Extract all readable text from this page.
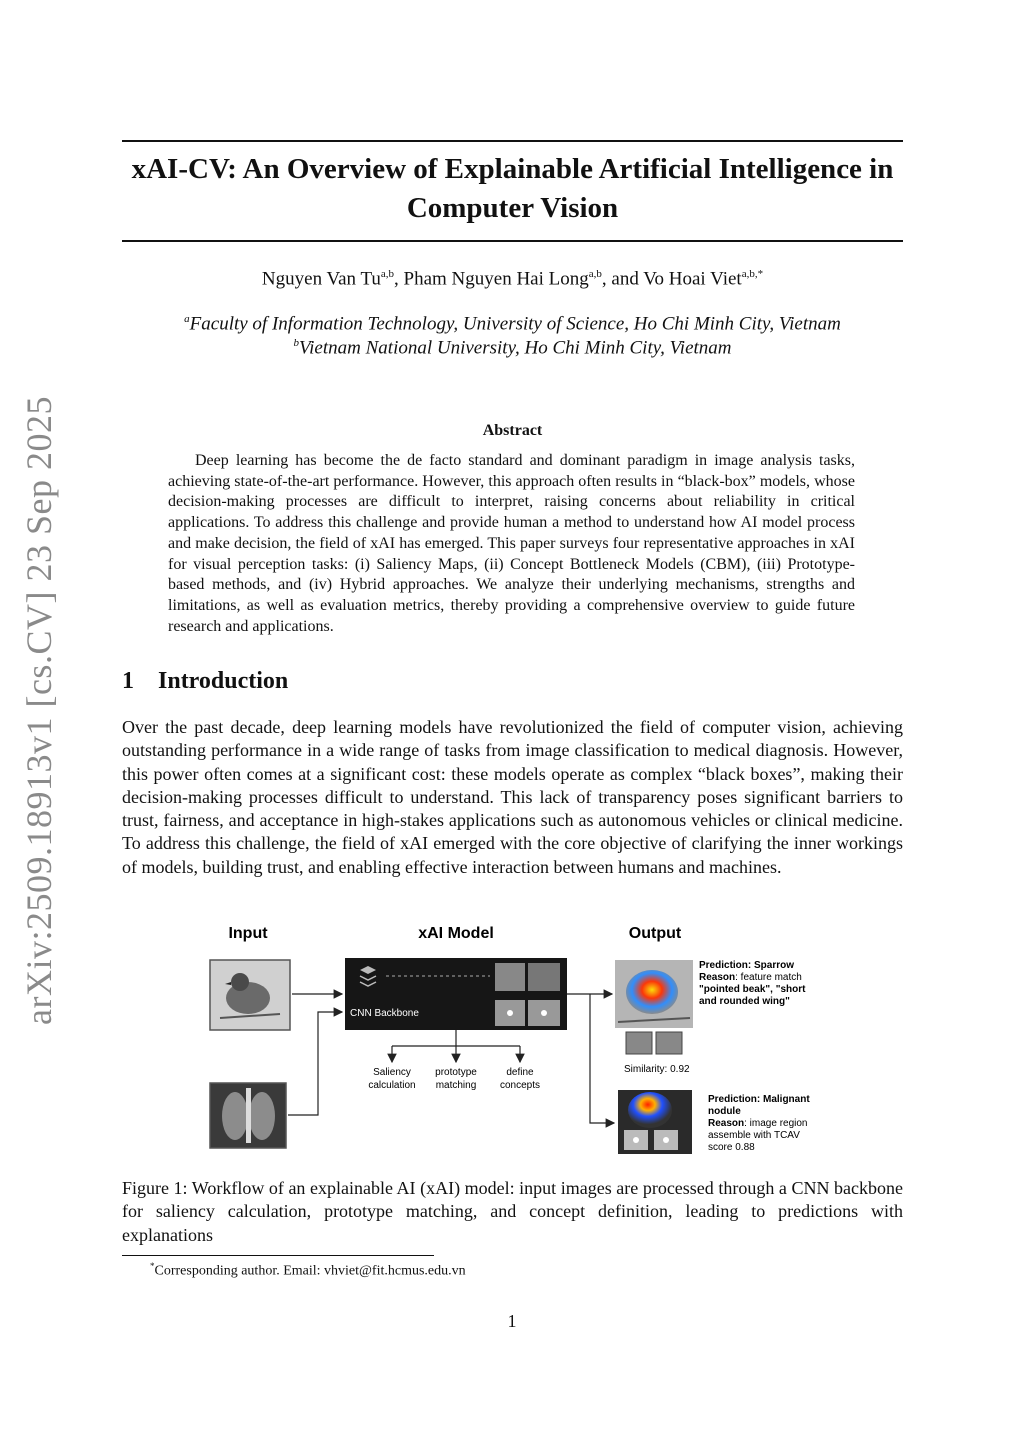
arXiv:2509.18913v1 [cs.CV] 23 Sep 2025
xAI-CV: An Overview of Explainable Artificial Intelligence in Computer Vision
Nguyen Van Tu$^{a,b}$, Pham Nguyen Hai Long$^{a,b}$, and Vo Hoai Viet$^{a,b,*}$
$^a$Faculty of Information Technology, University of Science, Ho Chi Minh City, Vietnam
$^b$Vietnam National University, Ho Chi Minh City, Vietnam
Abstract
Deep learning has become the de facto standard and dominant paradigm in image analysis tasks, achieving state-of-the-art performance. However, this approach often results in “black-box” models, whose decision-making processes are difficult to interpret, raising concerns about reliability in critical applications. To address this challenge and provide human a method to understand how AI model process and make decision, the field of xAI has emerged. This paper surveys four representative approaches in xAI for visual perception tasks: (i) Saliency Maps, (ii) Concept Bottleneck Models (CBM), (iii) Prototype-based methods, and (iv) Hybrid approaches. We analyze their underlying mechanisms, strengths and limitations, as well as evaluation metrics, thereby providing a comprehensive overview to guide future research and applications.
1 Introduction
Over the past decade, deep learning models have revolutionized the field of computer vision, achieving outstanding performance in a wide range of tasks from image classification to medical diagnosis. However, this power often comes at a significant cost: these models operate as complex “black boxes”, making their decision-making processes difficult to understand. This lack of transparency poses significant barriers to trust, fairness, and acceptance in high-stakes applications such as autonomous vehicles or clinical medicine. To address this challenge, the field of xAI emerged with the core objective of clarifying the inner workings of models, building trust, and enabling effective interaction between humans and machines.
Input	xAI Model	Output
CNN Backbone
Saliency calculation
prototype matching
define concepts
Similarity: 0.92
Prediction: Sparrow Reason: feature match "pointed beak", "short and rounded wing"
Prediction: Malignant nodule Reason: image region assemble with TCAV score 0.88
Figure 1: Workflow of an explainable AI (xAI) model: input images are processed through a CNN backbone for saliency calculation, prototype matching, and concept definition, leading to predictions with explanations
*Corresponding author. Email: vhviet@fit.hcmus.edu.vn
1
